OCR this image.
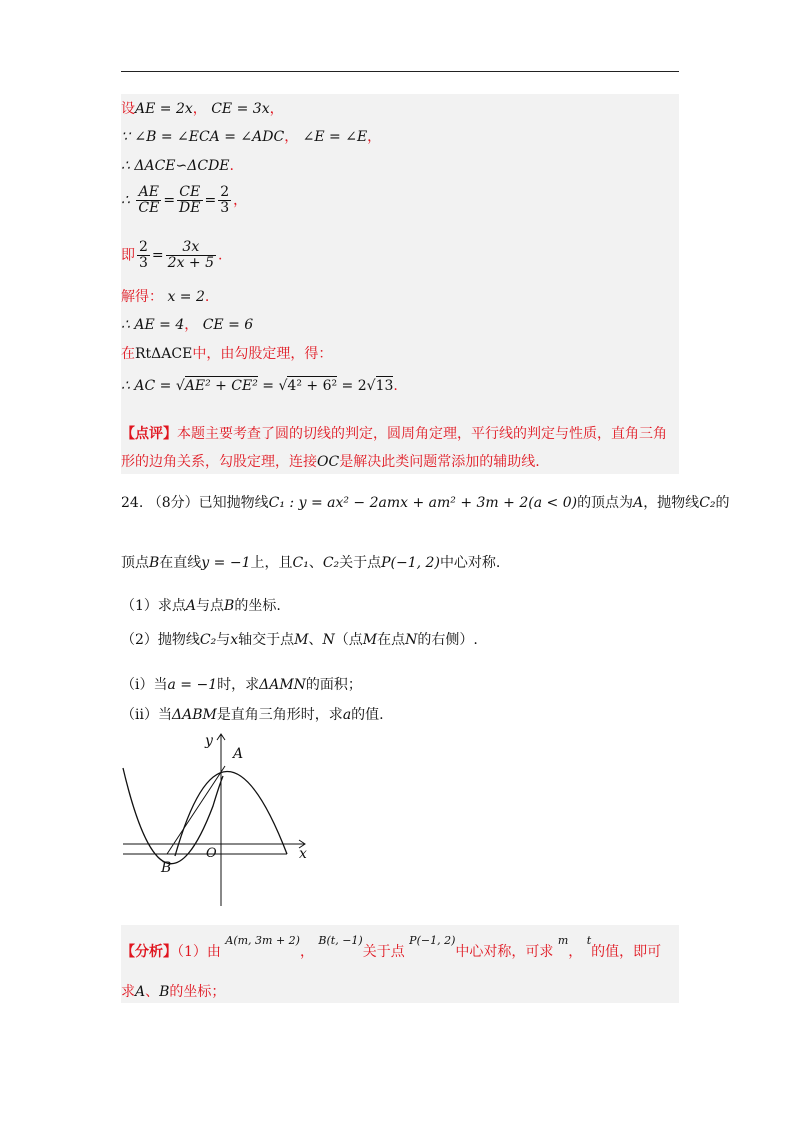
设AE = 2x， CE = 3x，
∵ ∠B = ∠ECA = ∠ADC， ∠E = ∠E，
∴ ΔACE∽ΔCDE.
∴ $\frac{AE}{CE} = \frac{CE}{DE} = \frac{2}{3}$ ，
即 $\frac{2}{3} = \frac{3x}{2x + 5}$ .
解得： x = 2.
∴ AE = 4， CE = 6
在RtΔACE中，由勾股定理，得：
∴ AC = √AE² + CE² = √4² + 6² = 2√13.
【点评】本题主要考查了圆的切线的判定，圆周角定理，平行线的判定与性质，直角三角
形的边角关系，勾股定理，连接OC是解决此类问题常添加的辅助线.
24. （8分）已知抛物线C₁ : y = ax² − 2amx + am² + 3m + 2(a < 0)的顶点为A，抛物线C₂的
顶点B在直线y = −1上，且C₁、C₂关于点P(−1, 2)中心对称.
（1）求点A与点B的坐标.
（2）抛物线C₂与x轴交于点M、N（点M在点N的右侧）.
（ⅰ）当a = −1时，求ΔAMN的面积；
（ⅱ）当ΔABM是直角三角形时，求a的值.
y
A
O	x
B
【分析】（1）由 $^{A(m, 3m + 2)}$， $^{B(t, -1)}$关于点 $^{P(-1, 2)}$中心对称，可求 $^m$， $^t$的值，即可
求A、B的坐标；
